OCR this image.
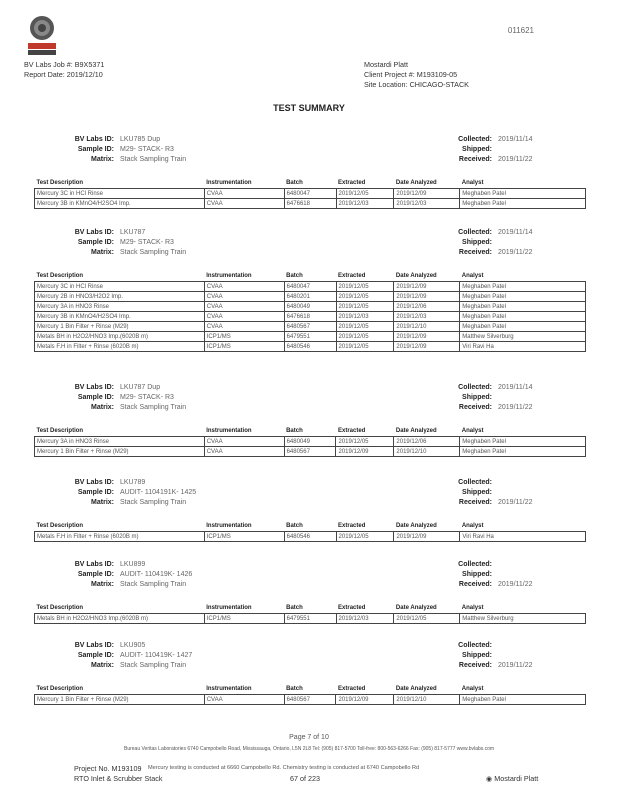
011621
BV Labs Job #: B9X5371
Report Date: 2019/12/10
Mostardi Platt
Client Project #: M193109-05
Site Location: CHICAGO-STACK
TEST SUMMARY
BV Labs ID: LKU785 Dup
Sample ID: M29- STACK- R3
Matrix: Stack Sampling Train
Collected: 2019/11/14
Shipped:
Received: 2019/11/22
Test Description	Instrumentation	Batch	Extracted	Date Analyzed	Analyst
Mercury 3C in HCl Rinse	CVAA	6480047	2019/12/05	2019/12/09	Meghaben Patel
Mercury 3B in KMnO4/H2SO4 Imp.	CVAA	6476618	2019/12/03	2019/12/03	Meghaben Patel
BV Labs ID: LKU787
Sample ID: M29- STACK- R3
Matrix: Stack Sampling Train
Collected: 2019/11/14
Shipped:
Received: 2019/11/22
Test Description	Instrumentation	Batch	Extracted	Date Analyzed	Analyst
Mercury 3C in HCl Rinse	CVAA	6480047	2019/12/05	2019/12/09	Meghaben Patel
Mercury 2B in HNO3/H2O2 Imp.	CVAA	6480201	2019/12/05	2019/12/09	Meghaben Patel
Mercury 3A in HNO3 Rinse	CVAA	6480049	2019/12/05	2019/12/06	Meghaben Patel
Mercury 3B in KMnO4/H2SO4 Imp.	CVAA	6476618	2019/12/03	2019/12/03	Meghaben Patel
Mercury 1 Bin Filter + Rinse (M29)	CVAA	6480567	2019/12/05	2019/12/10	Meghaben Patel
Metals BH in H2O2/HNO3 Imp.(6020B m)	ICP1/MS	6479551	2019/12/05	2019/12/09	Matthew Silverburg
Metals F.H in Filter + Rinse (6020B m)	ICP1/MS	6480546	2019/12/05	2019/12/09	Viri Ravi Ha
BV Labs ID: LKU787 Dup
Sample ID: M29- STACK- R3
Matrix: Stack Sampling Train
Collected: 2019/11/14
Shipped:
Received: 2019/11/22
Test Description	Instrumentation	Batch	Extracted	Date Analyzed	Analyst
Mercury 3A in HNO3 Rinse	CVAA	6480049	2019/12/05	2019/12/06	Meghaben Patel
Mercury 1 Bin Filter + Rinse (M29)	CVAA	6480567	2019/12/09	2019/12/10	Meghaben Patel
BV Labs ID: LKU789
Sample ID: AUDIT- 1104191K- 1425
Matrix: Stack Sampling Train
Collected:
Shipped:
Received: 2019/11/22
Test Description	Instrumentation	Batch	Extracted	Date Analyzed	Analyst
Metals F.H in Filter + Rinse (6020B m)	ICP1/MS	6480546	2019/12/05	2019/12/09	Viri Ravi Ha
BV Labs ID: LKU899
Sample ID: AUDIT- 110419K- 1426
Matrix: Stack Sampling Train
Collected:
Shipped:
Received: 2019/11/22
Test Description	Instrumentation	Batch	Extracted	Date Analyzed	Analyst
Metals BH in H2O2/HNO3 Imp.(6020B m)	ICP1/MS	6479551	2019/12/03	2019/12/05	Matthew Silverburg
BV Labs ID: LKU905
Sample ID: AUDIT- 110419K- 1427
Matrix: Stack Sampling Train
Collected:
Shipped:
Received: 2019/11/22
Test Description	Instrumentation	Batch	Extracted	Date Analyzed	Analyst
Mercury 1 Bin Filter + Rinse (M29)	CVAA	6480567	2019/12/09	2019/12/10	Meghaben Patel
Page 7 of 10
Bureau Veritas Laboratories 6740 Campobello Road, Mississauga, Ontario, L5N 2L8 Tel: (905) 817-5700 Toll-free: 800-563-6266 Fax: (905) 817-5777 www.bvlabs.com
Project No. M193109 Mercury testing is conducted at 6660 Campobello Rd. Chemistry testing is conducted at 6740 Campobello Rd
RTO Inlet & Scrubber Stack	67 of 223	◉ Mostardi Platt
